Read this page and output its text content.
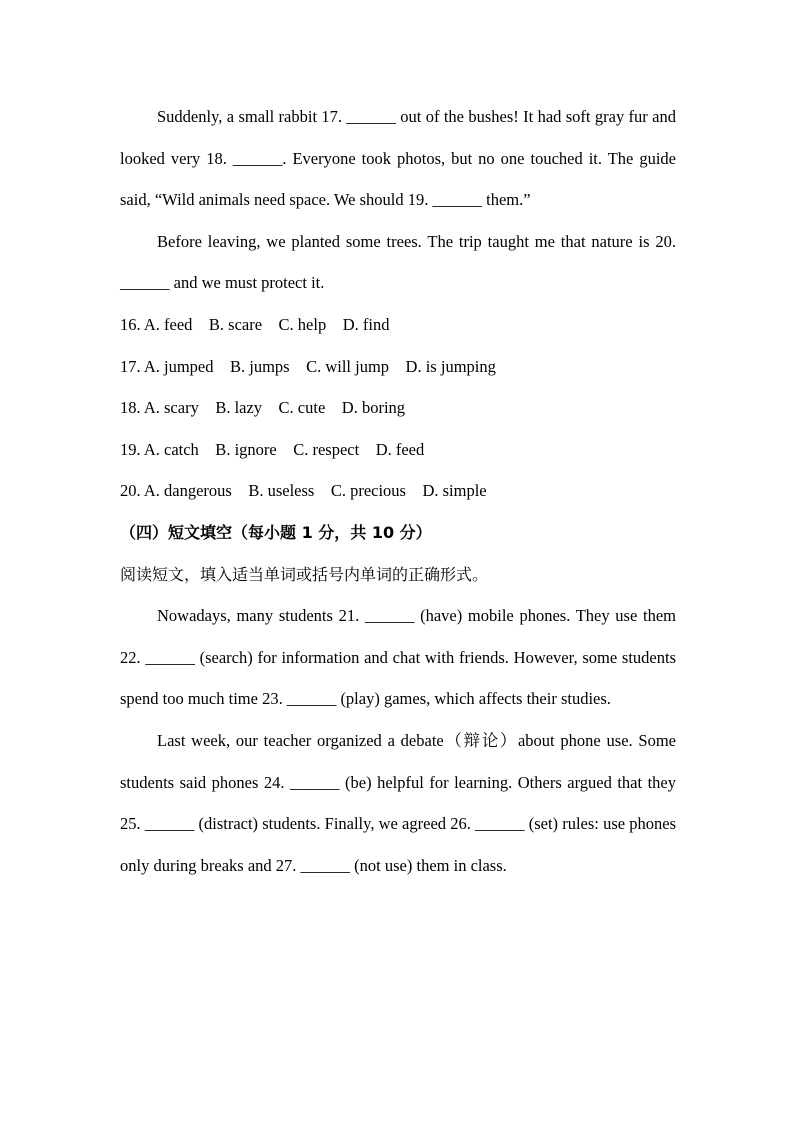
Suddenly, a small rabbit 17. ______ out of the bushes! It had soft gray fur and looked very 18. ______. Everyone took photos, but no one touched it. The guide said, “Wild animals need space. We should 19. ______ them.”

Before leaving, we planted some trees. The trip taught me that nature is 20. ______ and we must protect it.

16. A. feed    B. scare    C. help    D. find

17. A. jumped    B. jumps    C. will jump    D. is jumping

18. A. scary    B. lazy    C. cute    D. boring

19. A. catch    B. ignore    C. respect    D. feed

20. A. dangerous    B. useless    C. precious    D. simple

（四）短文填空（每小题 1 分，共 10 分）

阅读短文，填入适当单词或括号内单词的正确形式。

Nowadays, many students 21. ______ (have) mobile phones. They use them 22. ______ (search) for information and chat with friends. However, some students spend too much time 23. ______ (play) games, which affects their studies.

Last week, our teacher organized a debate（辩论）about phone use. Some students said phones 24. ______ (be) helpful for learning. Others argued that they 25. ______ (distract) students. Finally, we agreed 26. ______ (set) rules: use phones only during breaks and 27. ______ (not use) them in class.
